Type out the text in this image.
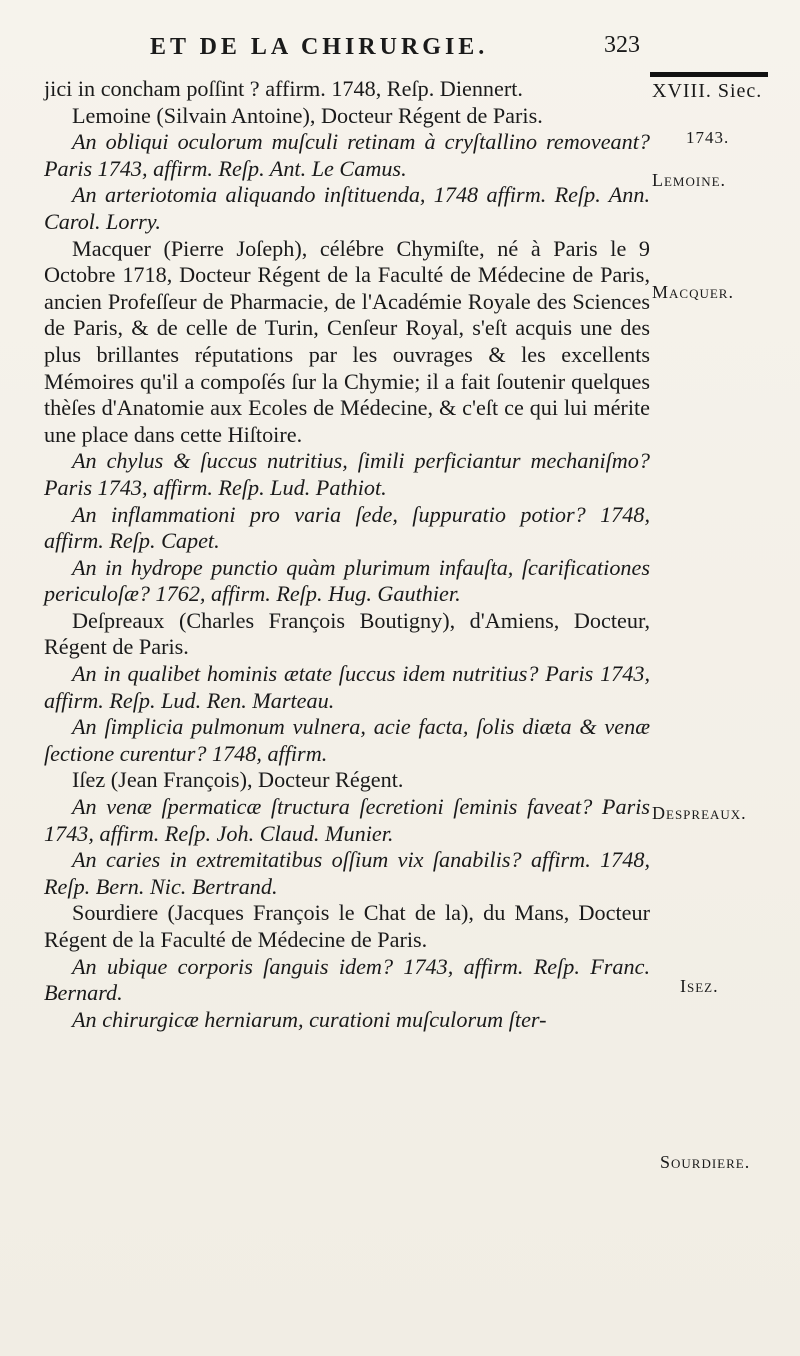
ET DE LA CHIRURGIE.	323
XVIII. Siec.
1743.
Lemoine.
Macquer.
Despreaux.
Isez.
Sourdiere.

jici in concham poſſint ? affirm. 1748, Reſp. Diennert.

Lemoine (Silvain Antoine), Docteur Régent de Paris.

An obliqui oculorum muſculi retinam à cryſtallino removeant? Paris 1743, affirm. Reſp. Ant. Le Camus.

An arteriotomia aliquando inſtituenda, 1748 affirm. Reſp. Ann. Carol. Lorry.

Macquer (Pierre Joſeph), célébre Chymiſte, né à Paris le 9 Octobre 1718, Docteur Régent de la Faculté de Médecine de Paris, ancien Profeſſeur de Pharmacie, de l'Académie Royale des Sciences de Paris, & de celle de Turin, Cenſeur Royal, s'eſt acquis une des plus brillantes réputations par les ouvrages & les excellents Mémoires qu'il a compoſés ſur la Chymie; il a fait ſoutenir quelques thèſes d'Anatomie aux Ecoles de Médecine, & c'eſt ce qui lui mérite une place dans cette Hiſtoire.

An chylus & ſuccus nutritius, ſimili perficiantur mechaniſmo? Paris 1743, affirm. Reſp. Lud. Pathiot.

An inflammationi pro varia ſede, ſuppuratio potior? 1748, affirm. Reſp. Capet.

An in hydrope punctio quàm plurimum infauſta, ſcarificationes periculoſæ? 1762, affirm. Reſp. Hug. Gauthier.

Deſpreaux (Charles François Boutigny), d'Amiens, Docteur, Régent de Paris.

An in qualibet hominis ætate ſuccus idem nutritius? Paris 1743, affirm. Reſp. Lud. Ren. Marteau.

An ſimplicia pulmonum vulnera, acie facta, ſolis diæta & venæ ſectione curentur? 1748, affirm.

Iſez (Jean François), Docteur Régent.

An venæ ſpermaticæ ſtructura ſecretioni ſeminis faveat? Paris 1743, affirm. Reſp. Joh. Claud. Munier.

An caries in extremitatibus oſſium vix ſanabilis? affirm. 1748, Reſp. Bern. Nic. Bertrand.

Sourdiere (Jacques François le Chat de la), du Mans, Docteur Régent de la Faculté de Médecine de Paris.

An ubique corporis ſanguis idem? 1743, affirm. Reſp. Franc. Bernard.

An chirurgicæ herniarum, curationi muſculorum ſter-
